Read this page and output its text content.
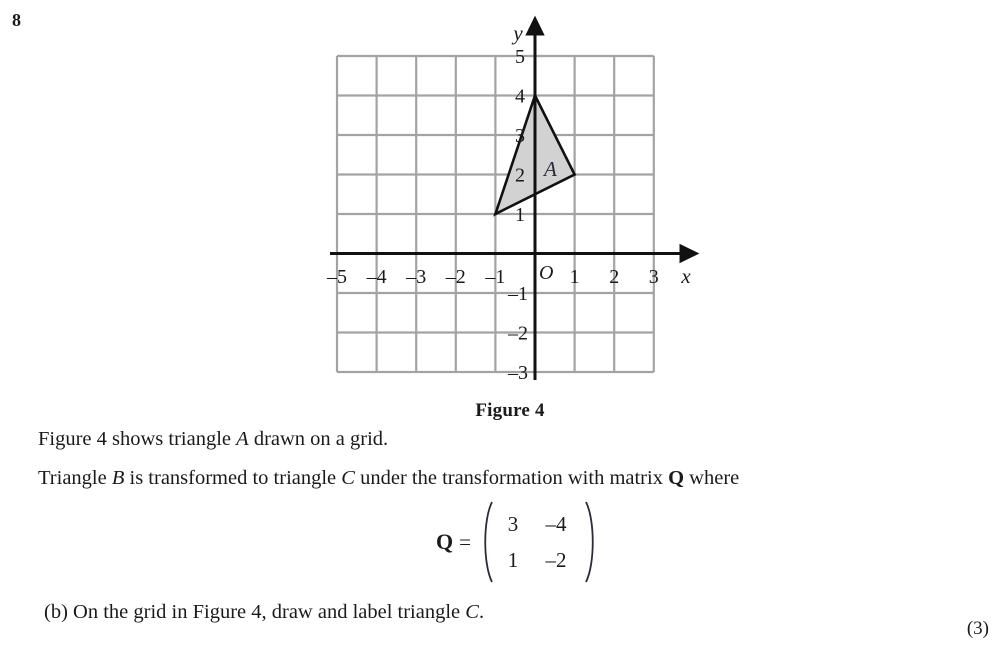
8
–5 –4 –3 –2 –1	1 2 3
5
4
3
2
1
–1
–2
–3
O	x
y
A
Figure 4
Figure 4 shows triangle A drawn on a grid.
Triangle B is transformed to triangle C under the transformation with matrix Q where
Q =
3 –4
1 –2
(b) On the grid in Figure 4, draw and label triangle C.
(3)
